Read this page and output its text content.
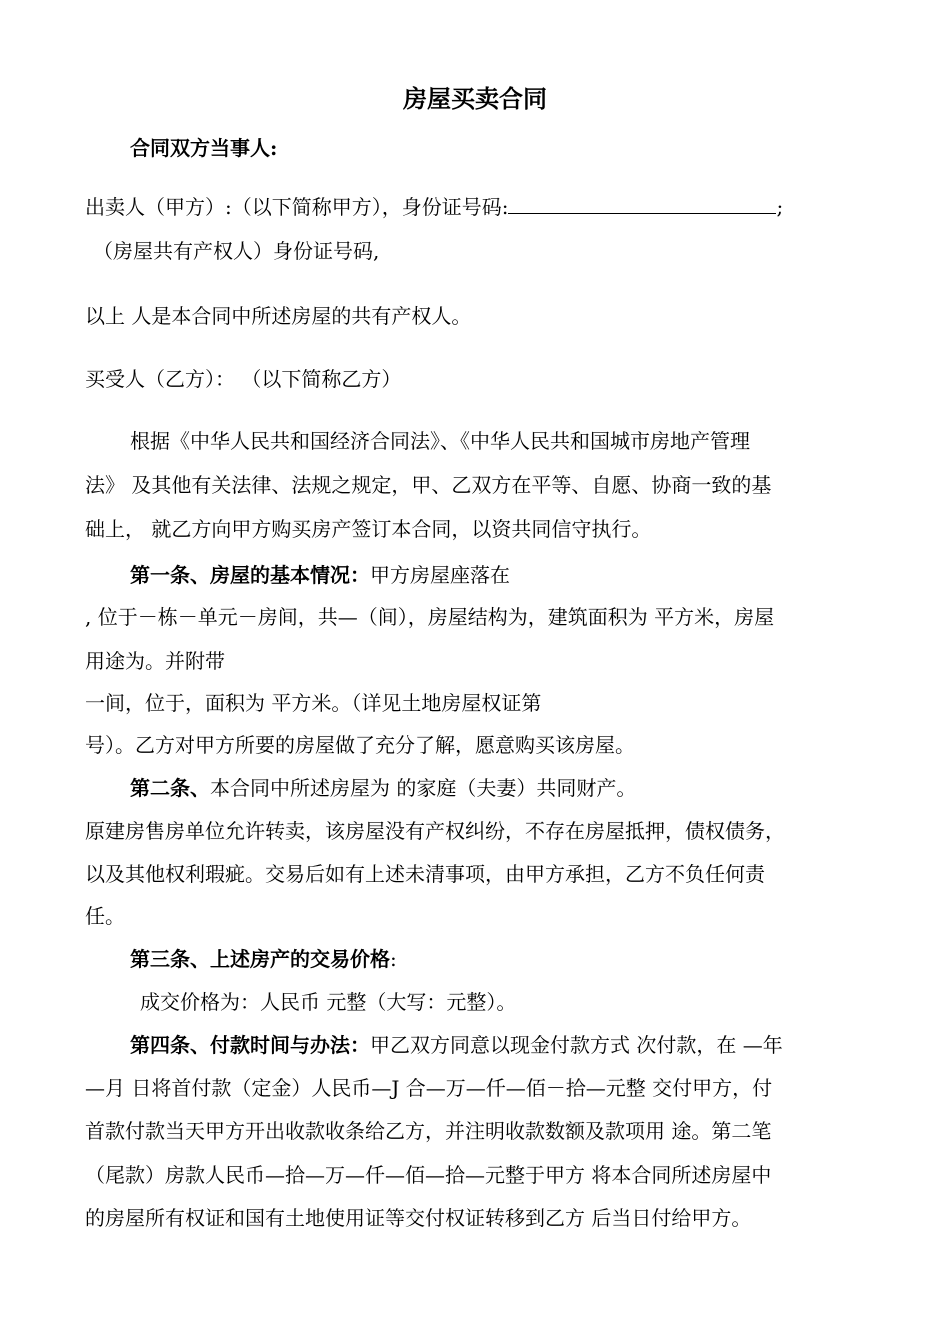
房屋买卖合同
合同双方当事人:
出卖人（甲方）:（以下简称甲方），身份证号码:	;
（房屋共有产权人）身份证号码,
以上 人是本合同中所述房屋的共有产权人。
买受人（乙方）： （以下简称乙方）
根据《中华人民共和国经济合同法》、《中华人民共和国城市房地产管理
法》 及其他有关法律、法规之规定，甲、乙双方在平等、自愿、协商一致的基
础上， 就乙方向甲方购买房产签订本合同，以资共同信守执行。
第一条、房屋的基本情况：甲方房屋座落在
, 位于－栋－单元－房间，共—（间），房屋结构为，建筑面积为 平方米，房屋
用途为。并附带
一间，位于，面积为 平方米。（详见土地房屋权证第
号）。乙方对甲方所要的房屋做了充分了解，愿意购买该房屋。
第二条、本合同中所述房屋为 的家庭（夫妻）共同财产。
原建房售房单位允许转卖，该房屋没有产权纠纷，不存在房屋抵押，债权债务，
以及其他权利瑕疵。交易后如有上述未清事项，由甲方承担，乙方不负任何责
任。
第三条、上述房产的交易价格:
成交价格为：人民币 元整（大写：元整）。
第四条、付款时间与办法：甲乙双方同意以现金付款方式 次付款，在 —年
—月 日将首付款（定金）人民币—J 合—万—仟—佰－拾—元整 交付甲方，付
首款付款当天甲方开出收款收条给乙方，并注明收款数额及款项用 途。第二笔
（尾款）房款人民币—拾—万—仟—佰—拾—元整于甲方 将本合同所述房屋中
的房屋所有权证和国有土地使用证等交付权证转移到乙方 后当日付给甲方。
